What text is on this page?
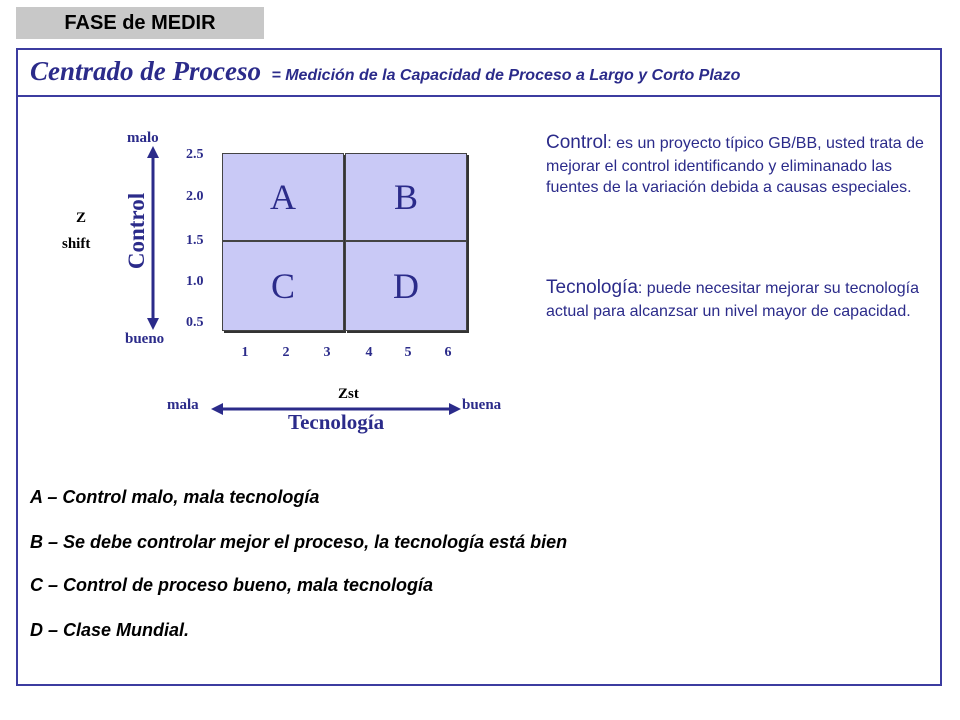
FASE de MEDIR
Centrado de Proceso = Medición de la Capacidad de Proceso a Largo y Corto Plazo
malo
bueno
Z
shift Control
2.5
2.0
1.5
1.0
0.5
A	B
C	D
1	2	3	4	5	6
Zst
mala	buena
Tecnología
Control: es un proyecto típico GB/BB, usted trata de mejorar el control identificando y eliminanado las fuentes de la variación debida a causas especiales.
Tecnología: puede necesitar mejorar su tecnología actual para alcanzsar un nivel mayor de capacidad.
A – Control malo, mala tecnología
B – Se debe controlar mejor el proceso, la tecnología está bien
C – Control de proceso bueno, mala tecnología
D – Clase Mundial.
